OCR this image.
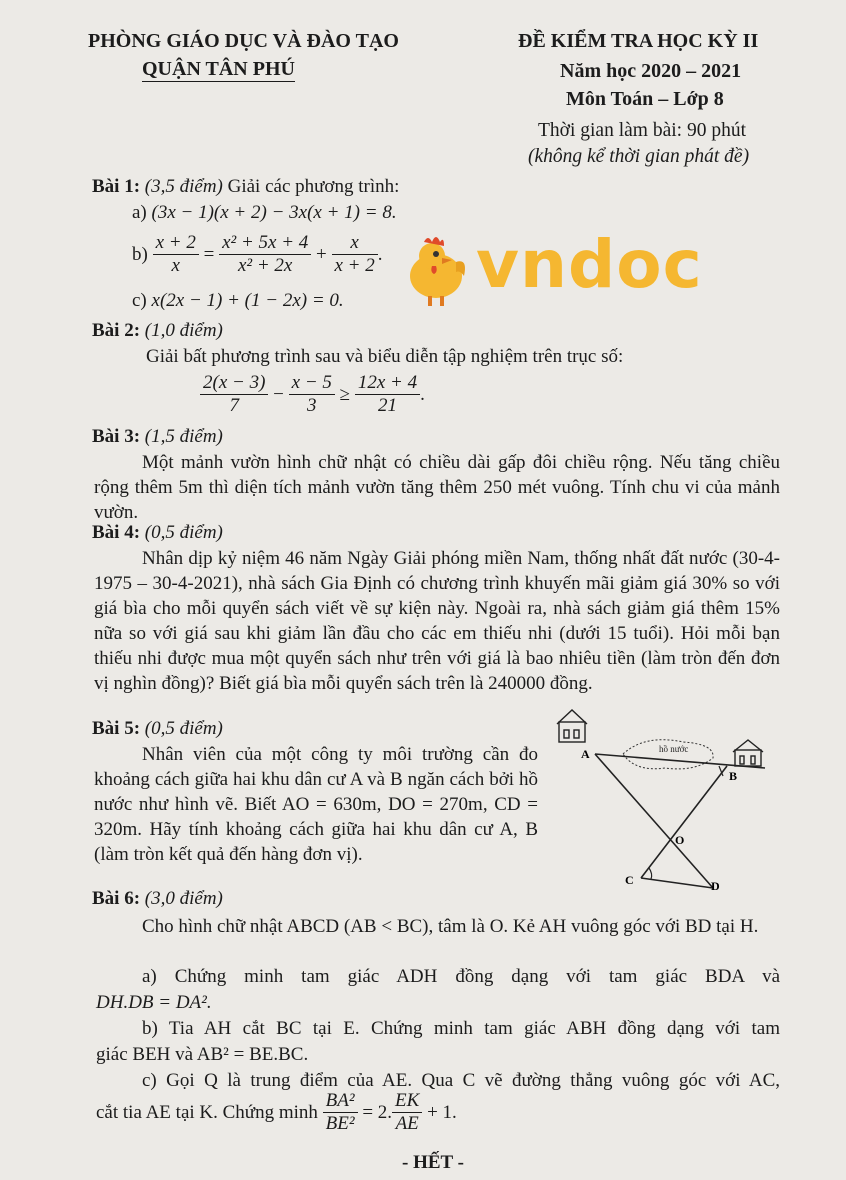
PHÒNG GIÁO DỤC VÀ ĐÀO TẠO
QUẬN TÂN PHÚ
ĐỀ KIỂM TRA HỌC KỲ II
Năm học 2020 – 2021
Môn Toán – Lớp 8
Thời gian làm bài: 90 phút
(không kể thời gian phát đề)
Bài 1: (3,5 điểm) Giải các phương trình:
a) (3x − 1)(x + 2) − 3x(x + 1) = 8.
$b) \frac{x + 2}{x} = \frac{\text{x² + 5x + 4}}{\text{x² + 2x}} + \frac{x}{x + 2}$ .
c) x(2x − 1) + (1 − 2x) = 0. vndoc
Bài 2: (1,0 điểm)
Giải bất phương trình sau và biểu diễn tập nghiệm trên trục số:
$\frac{2(x - 3)}{7} - \frac{x - 5}{3} \ge \frac{12x + 4}{21}$ .
Bài 3: (1,5 điểm)
Một mảnh vườn hình chữ nhật có chiều dài gấp đôi chiều rộng. Nếu tăng chiều rộng thêm 5m thì diện tích mảnh vườn tăng thêm 250 mét vuông. Tính chu vi của mảnh vườn.
Bài 4: (0,5 điểm)
Nhân dịp kỷ niệm 46 năm Ngày Giải phóng miền Nam, thống nhất đất nước (30-4-1975 – 30-4-2021), nhà sách Gia Định có chương trình khuyến mãi giảm giá 30% so với giá bìa cho mỗi quyển sách viết về sự kiện này. Ngoài ra, nhà sách giảm giá thêm 15% nữa so với giá sau khi giảm lần đầu cho các em thiếu nhi (dưới 15 tuổi). Hỏi mỗi bạn thiếu nhi được mua một quyển sách như trên với giá là bao nhiêu tiền (làm tròn đến đơn vị nghìn đồng)? Biết giá bìa mỗi quyển sách trên là 240000 đồng.
Bài 5: (0,5 điểm)
Nhân viên của một công ty môi trường cần đo khoảng cách giữa hai khu dân cư A và B ngăn cách bởi hồ nước như hình vẽ. Biết AO = 630m, DO = 270m, CD = 320m. Hãy tính khoảng cách giữa hai khu dân cư A, B (làm tròn kết quả đến hàng đơn vị).
hồ nước
A
B
O
C	D
Bài 6: (3,0 điểm)
Cho hình chữ nhật ABCD (AB < BC), tâm là O. Kẻ AH vuông góc với BD tại H.
a) Chứng minh tam giác ADH đồng dạng với tam giác BDA và
DH.DB = DA².
b) Tia AH cắt BC tại E. Chứng minh tam giác ABH đồng dạng với tam
giác BEH và AB² = BE.BC.
c) Gọi Q là trung điểm của AE. Qua C vẽ đường thẳng vuông góc với AC,
cắt tia AE tại K. Chứng minh $\frac{\text{BA²}}{\text{BE²}} = 2$. $\frac{EK}{AE} + 1$.
- HẾT -
